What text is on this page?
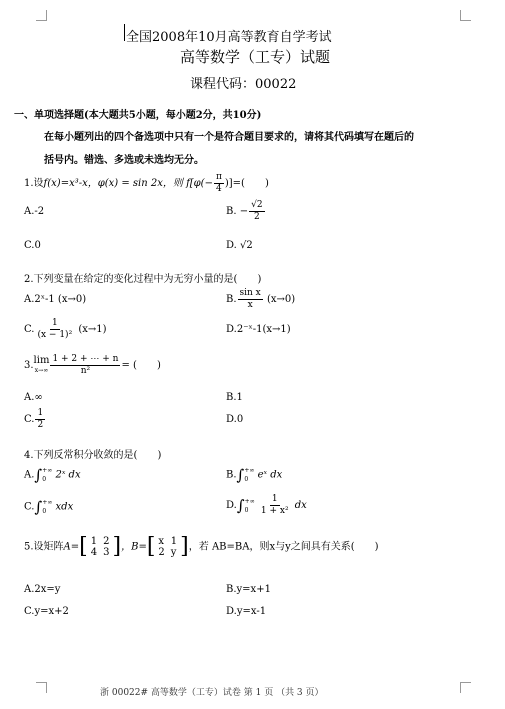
全国2008年10月高等教育自学考试
高等数学（工专）试题
课程代码：00022
一、单项选择题(本大题共5小题，每小题2分，共10分)
在每小题列出的四个备选项中只有一个是符合题目要求的，请将其代码填写在题后的
括号内。错选、多选或未选均无分。
1.设f(x)=x³-x，φ(x) = sin 2x，则 $f[\varphi(- \frac{\pi}{4}$ )]=(　　)
A.-2	B. − $\frac{√2}{2}$
C.0	D. √2
2.下列变量在给定的变化过程中为无穷小量的是(　　)
A.2ˣ-1 (x→0)	B. $\frac{\text{sin x}}{x} (x\to 0)$
C. $\frac{1}{\text{(x − 1)²}} (x\to 1)$	D.2⁻ˣ-1(x→1)
3. lim
$x\to\infty \frac{1 + 2 + \cdots + n}{\text{n²}}$ = (　　)
A.∞	B.1
C. $\frac{1}{2}$	D.0
4.下列反常积分收敛的是(　　)
A.∫ +∞
0 2ˣ dx	B.∫ +∞
0 eˣ dx
C.∫ +∞
0 xdx	D.∫ +∞
0
	$\frac{1}{\text{1 + x²}}$ dx
5.设矩阵A= [ 1	2
4	3 ] ，B= [ x	1
2	y ] ，若 AB=BA，则x与y之间具有关系(　　)
A.2x=y	B.y=x+1
C.y=x+2	D.y=x-1
浙 00022# 高等数学（工专）试卷 第 1 页 （共 3 页）
